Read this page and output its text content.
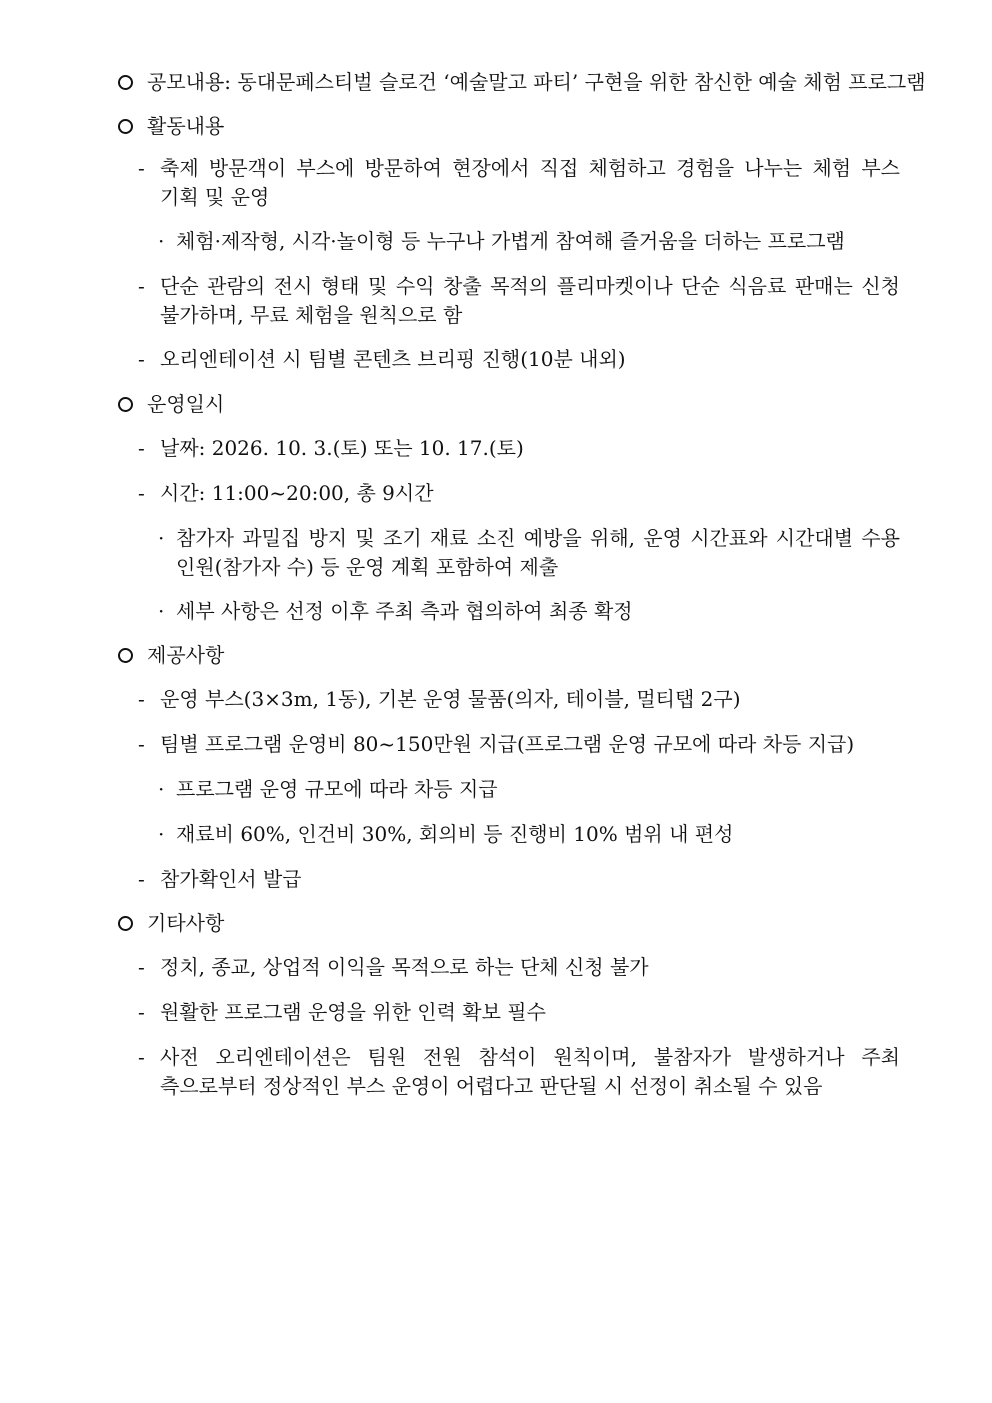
공모내용: 동대문페스티벌 슬로건 ‘예술말고 파티’ 구현을 위한 참신한 예술 체험 프로그램
활동내용
- 축제 방문객이 부스에 방문하여 현장에서 직접 체험하고 경험을 나누는 체험 부스 기획 및 운영
· 체험·제작형, 시각·놀이형 등 누구나 가볍게 참여해 즐거움을 더하는 프로그램
- 단순 관람의 전시 형태 및 수익 창출 목적의 플리마켓이나 단순 식음료 판매는 신청 불가하며, 무료 체험을 원칙으로 함
- 오리엔테이션 시 팀별 콘텐츠 브리핑 진행(10분 내외)
운영일시
- 날짜: 2026. 10. 3.(토) 또는 10. 17.(토)
- 시간: 11:00~20:00, 총 9시간
· 참가자 과밀집 방지 및 조기 재료 소진 예방을 위해, 운영 시간표와 시간대별 수용 인원(참가자 수) 등 운영 계획 포함하여 제출
· 세부 사항은 선정 이후 주최 측과 협의하여 최종 확정
제공사항
- 운영 부스(3×3m, 1동), 기본 운영 물품(의자, 테이블, 멀티탭 2구)
- 팀별 프로그램 운영비 80~150만원 지급(프로그램 운영 규모에 따라 차등 지급)
· 프로그램 운영 규모에 따라 차등 지급
· 재료비 60%, 인건비 30%, 회의비 등 진행비 10% 범위 내 편성
- 참가확인서 발급
기타사항
- 정치, 종교, 상업적 이익을 목적으로 하는 단체 신청 불가
- 원활한 프로그램 운영을 위한 인력 확보 필수
- 사전 오리엔테이션은 팀원 전원 참석이 원칙이며, 불참자가 발생하거나 주최 측으로부터 정상적인 부스 운영이 어렵다고 판단될 시 선정이 취소될 수 있음
